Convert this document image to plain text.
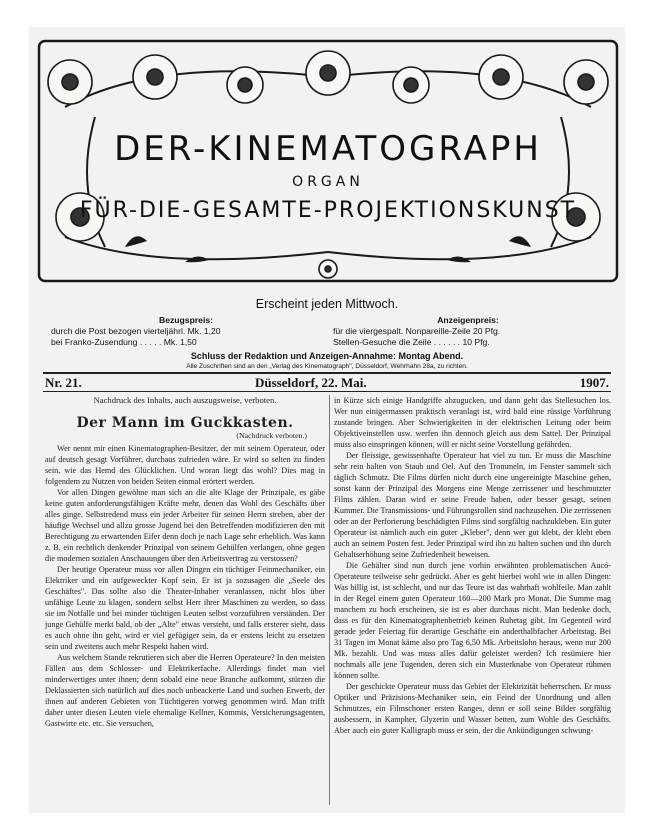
DER-KINEMATOGRAPH
ORGAN
FÜR-DIE-GESAMTE-PROJEKTIONSKUNST
Erscheint jeden Mittwoch.
Bezugspreis:
durch die Post bezogen vierteljährl. Mk. 1,20
bei Franko-Zusendung . . . . . Mk. 1,50
Anzeigenpreis:
für die viergespalt. Nonpareille-Zeile 20 Pfg.
Stellen-Gesuche die Zeile . . . . . . 10 Pfg.
Schluss der Redaktion und Anzeigen-Annahme: Montag Abend.
Alle Zuschriften sind an den „Verlag des Kinematograph", Düsseldorf, Wehrhahn 28a, zu richten.
Nr. 21.	Düsseldorf, 22. Mai.	1907.
Nachdruck des Inhalts, auch auszugsweise, verboten.
Der Mann im Guckkasten.
(Nachdruck verboten.)

Wer nennt mir einen Kinematographen-Besitzer, der mit seinem Operateur, oder auf deutsch gesagt Vorführer, durchaus zufrieden wäre. Er wird so selten zu finden sein, wie das Hemd des Glücklichen. Und woran liegt das wohl? Dies mag in folgendem zu Nutzen von beiden Seiten einmal erörtert werden.

Vor allen Dingen gewöhne man sich an die alte Klage der Prinzipale, es gäbe keine guten anforderungsfähigen Kräfte mehr, denen das Wohl des Geschäfts über alles ginge. Selbstredend muss ein jeder Arbeiter für seinen Herrn streben, aber der häufige Wechsel und allzu grosse Jugend bei den Betreffenden modifizieren den mit Berechtigung zu erwartenden Eifer denn doch je nach Lage sehr erheblich. Was kann z. B. ein rechtlich denkender Prinzipal von seinem Gehülfen verlangen, ohne gegen die modernen sozialen Anschauungen über den Arbeitsvertrag zu verstossen?

Der heutige Operateur muss vor allen Dingen ein tüchtiger Feinmechaniker, ein Elektriker und ein aufgeweckter Kopf sein. Er ist ja sozusagen die „Seele des Geschäftes". Das sollte also die Theater-Inhaber veranlassen, nicht blos über unfähige Leute zu klagen, sondern selbst Herr ihrer Maschinen zu werden, so dass sie im Notfalle und bei minder tüchtigen Leuten selbst vorzuführen verständen. Der junge Gehülfe merkt bald, ob der „Alte" etwas versteht, und falls ersterer sieht, dass es auch ohne ihn geht, wird er viel gefügiger sein, da er erstens leicht zu ersetzen sein und zweitens auch mehr Respekt haben wird.

Aus welchem Stande rekrutieren sich aber die Herren Operateure? In den meisten Fällen aus dem Schlosser- und Elektrikerfache. Allerdings findet man viel minderwertiges unter ihnen; denn sobald eine neue Branche aufkommt, stürzen die Deklassierten sich natürlich auf dies noch unbeackerte Land und suchen Erwerb, der ihnen auf anderen Gebieten von Tüchtigeren vorweg genommen wird. Man trifft daher unter diesen Leuten viele ehemalige Kellner, Kommis, Versicherungsagenten, Gastwirte etc. etc. Sie versuchen,

in Kürze sich einige Handgriffe abzugucken, und dann geht das Stellesuchen los. Wer nun einigermassen praktisch veranlagt ist, wird bald eine rüssige Vorführung zustande bringen. Aber Schwierigkeiten in der elektrischen Leitung oder beim Objektiveinstellen usw. werfen ihn dennoch gleich aus dem Sattel. Der Prinzipal muss also einspringen können, will er nicht seine Vorstellung gefährden.

Der fleissige, gewissenhafte Operateur hat viel zu tun. Er muss die Maschine sehr rein halten von Staub und Oel. Auf den Trommeln, im Fenster sammelt sich täglich Schmutz. Die Films dürfen nicht durch eine ungereinigte Maschine gehen, sonst kann der Prinzipal des Morgens eine Menge zerrissener und beschmutzter Films zählen. Daran wird er seine Freude haben, oder besser gesagt, seinen Kummer. Die Transmissions- und Führungsrollen sind nachzusehen. Die zerrissenen oder an der Perforierung beschädigten Films sind sorgfältig nachzukleben. Ein guter Operateur ist nämlich auch ein guter „Kleber", denn wer gut klebt, der klebt eben auch an seinem Posten fest. Jeder Prinzipal wird ihn zu halten suchen und ihn durch Gehaltserhöhung seine Zufriedenheit beweisen.

Die Gehälter sind nun durch jene vorhin erwähnten problematischen Aucó-Operateure teilweise sehr gedrückt. Aber es geht hierbei wohl wie in allen Dingen: Was billig ist, ist schlecht, und nur das Teure ist das wahrhaft wohlfeile. Man zahlt in der Regel einem guten Operateur 160—200 Mark pro Monat. Die Summe mag manchem zu hoch erscheinen, sie ist es aber durchaus nicht. Man bedenke doch, dass es für den Kinematographenbetrieb keinen Ruhetag gibt. Im Gegenteil wird gerade jeder Feiertag für derartige Geschäfte ein anderthalbfacher Arbeitstag. Bei 31 Tagen im Monat käme also pro Tag 6,50 Mk. Arbeitslohn heraus, wenn nur 200 Mk. bezahlt. Und was muss alles dafür geleistet werden? Ich resümiere hier nochmals alle jene Tugenden, deren sich ein Musterknabe von Operateur rühmen können sollte.

Der geschickte Operateur muss das Gebiet der Elektrizität beherrschen. Er muss Optiker und Präzisions-Mechaniker sein, ein Feind der Unordnung und allen Schmutzes, ein Filmschoner ersten Ranges, denn er soll seine Bilder sorgfältig ausbessern, in Kampher, Glyzerin und Wasser betten, zum Wohle des Geschäfts. Aber auch ein guter Kalligraph muss er sein, der die Ankündigungen schwung-
